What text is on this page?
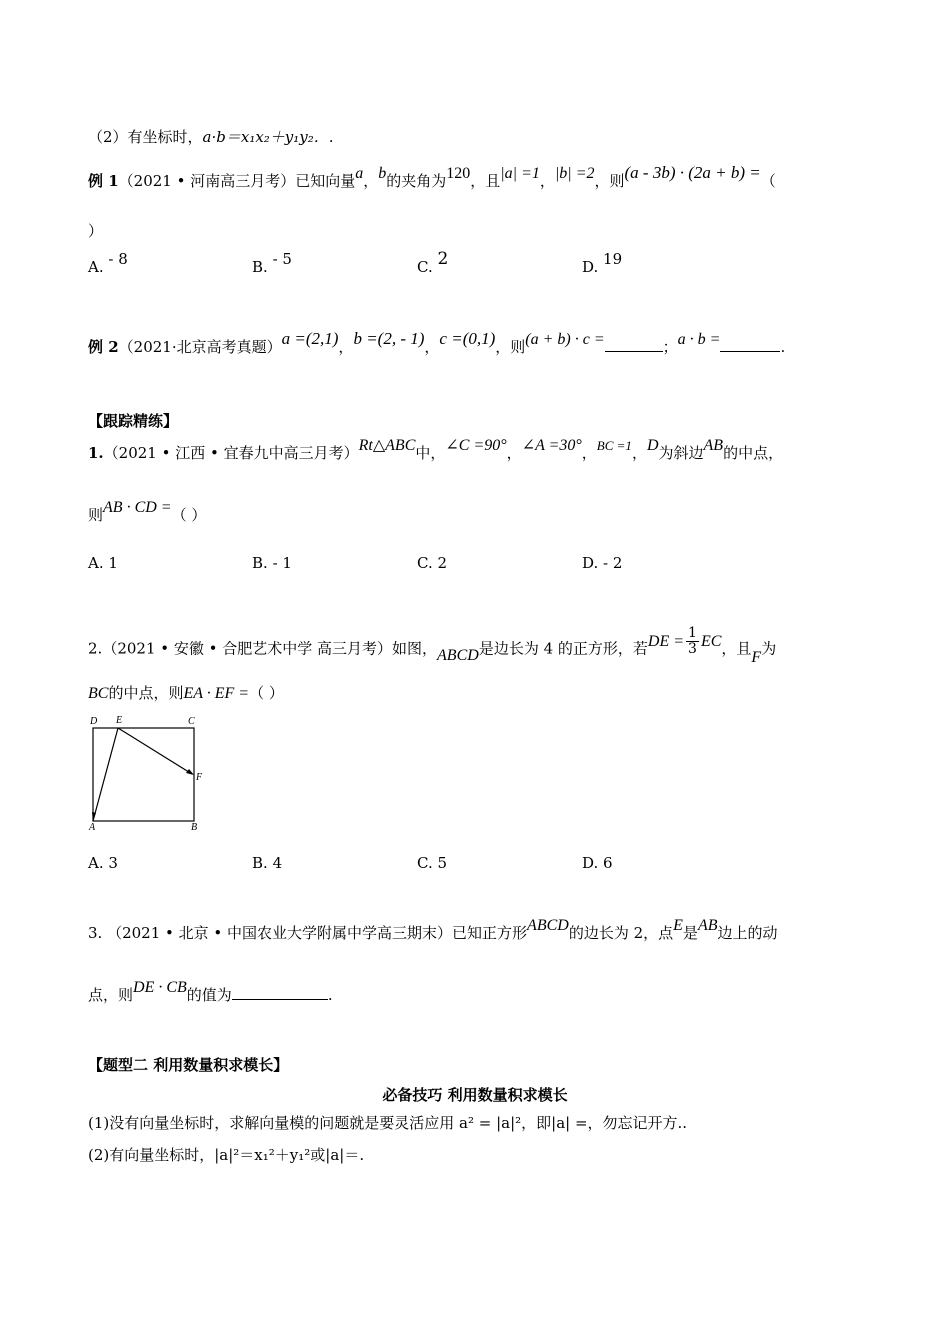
（2）有坐标时，a·b＝x₁x₂＋y₁y₂．.
例 1（2021 • 河南高三月考）已知向量a，b的夹角为120，且|a| =1，|b| =2，则(a - 3b) · (2a + b) =（
）
A. - 8	B. - 5	C. 2	D. 19
例 2（2021·北京高考真题）a =(2,1)，b =(2, - 1)，c =(0,1)，则(a + b) · c =	；a · b =	.
【跟踪精练】
1.（2021 • 江西 • 宜春九中高三月考）Rt△ABC中，∠C =90°，∠A =30°，BC =1，D为斜边AB的中点，
则AB · CD =（ ）
A. 1	B. - 1	C. 2	D. - 2
2.（2021 • 安徽 • 合肥艺术中学 高三月考）如图，ABCD是边长为 4 的正方形，若DE = $\frac{1}{3}$ EC，且F为
BC的中点，则EA · EF =（ ）
D E	C
F
A	B
A. 3	B. 4	C. 5	D. 6
3. （2021 • 北京 • 中国农业大学附属中学高三期末）已知正方形ABCD的边长为 2，点E是AB边上的动
点，则DE · CB的值为	.
【题型二 利用数量积求模长】
必备技巧 利用数量积求模长
(1)没有向量坐标时，求解向量模的问题就是要灵活应用 a² = |a|²，即|a| =，勿忘记开方..
(2)有向量坐标时，|a|²＝x₁²＋y₁²或|a|＝.
